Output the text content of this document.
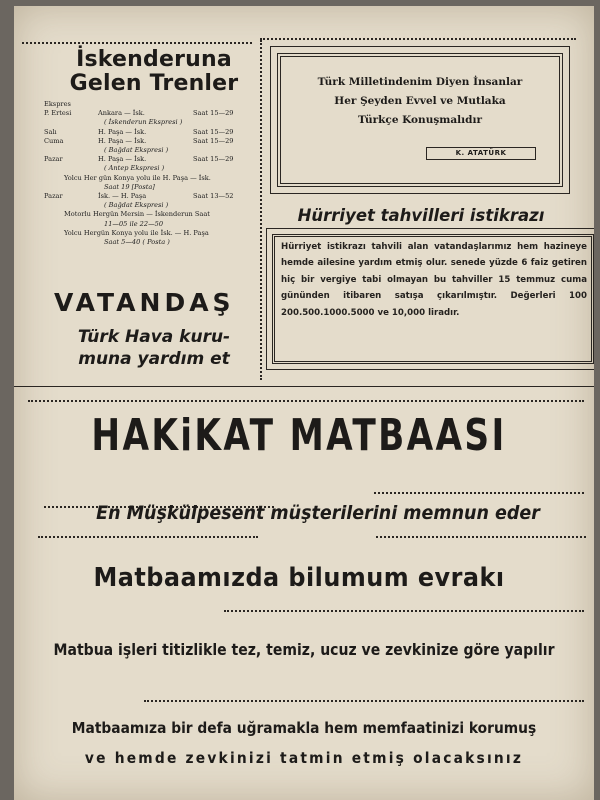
İskenderuna
Gelen Trenler
Ekspres
P. Ertesi	Ankara — İsk.	Saat 15—29
( İskenderun Ekspresi )
Salı	H. Paşa — İsk.	Saat 15—29
Cuma	H. Paşa — İsk.	Saat 15—29
( Bağdat Ekspresi )
Pazar	H. Paşa — İsk.	Saat 15—29
( Antep Ekspresi )
Yolcu Her gün Konya yolu ile H. Paşa — İsk.
Saat 19 [Posta]
Pazar	İsk. — H. Paşa	Saat 13—52
( Bağdat Ekspresi )
Motorlu Hergün Mersin — İskenderun Saat
11—05 ile 22—50
Yolcu Hergün Konya yolu ile İsk. — H. Paşa
Saat 5—40 ( Posta )
VATANDAŞ
Türk Hava kuru-
muna yardım et
Türk Milletindenim Diyen İnsanlar
Her Şeyden Evvel ve Mutlaka
Türkçe Konuşmalıdır
K. ATATÜRK
Hürriyet tahvilleri istikrazı
Hürriyet istikrazı tahvili alan vatandaşlarımız hem hazineye hemde ailesine yardım etmiş olur. senede yüzde 6 faiz getiren hiç bir vergiye tabi olmayan bu tahviller 15 temmuz cuma gününden itibaren satışa çıkarılmıştır. Değerleri 100 200.500.1000.5000 ve 10,000 liradır.
HAKiKAT MATBAASI
En Müşkülpesent müşterilerini memnun eder
Matbaamızda bilumum evrakı
Matbua işleri titizlikle tez, temiz, ucuz ve zevkinize göre yapılır
Matbaamıza bir defa uğramakla hem memfaatinizi korumuş
ve hemde zevkinizi tatmin etmiş olacaksınız
